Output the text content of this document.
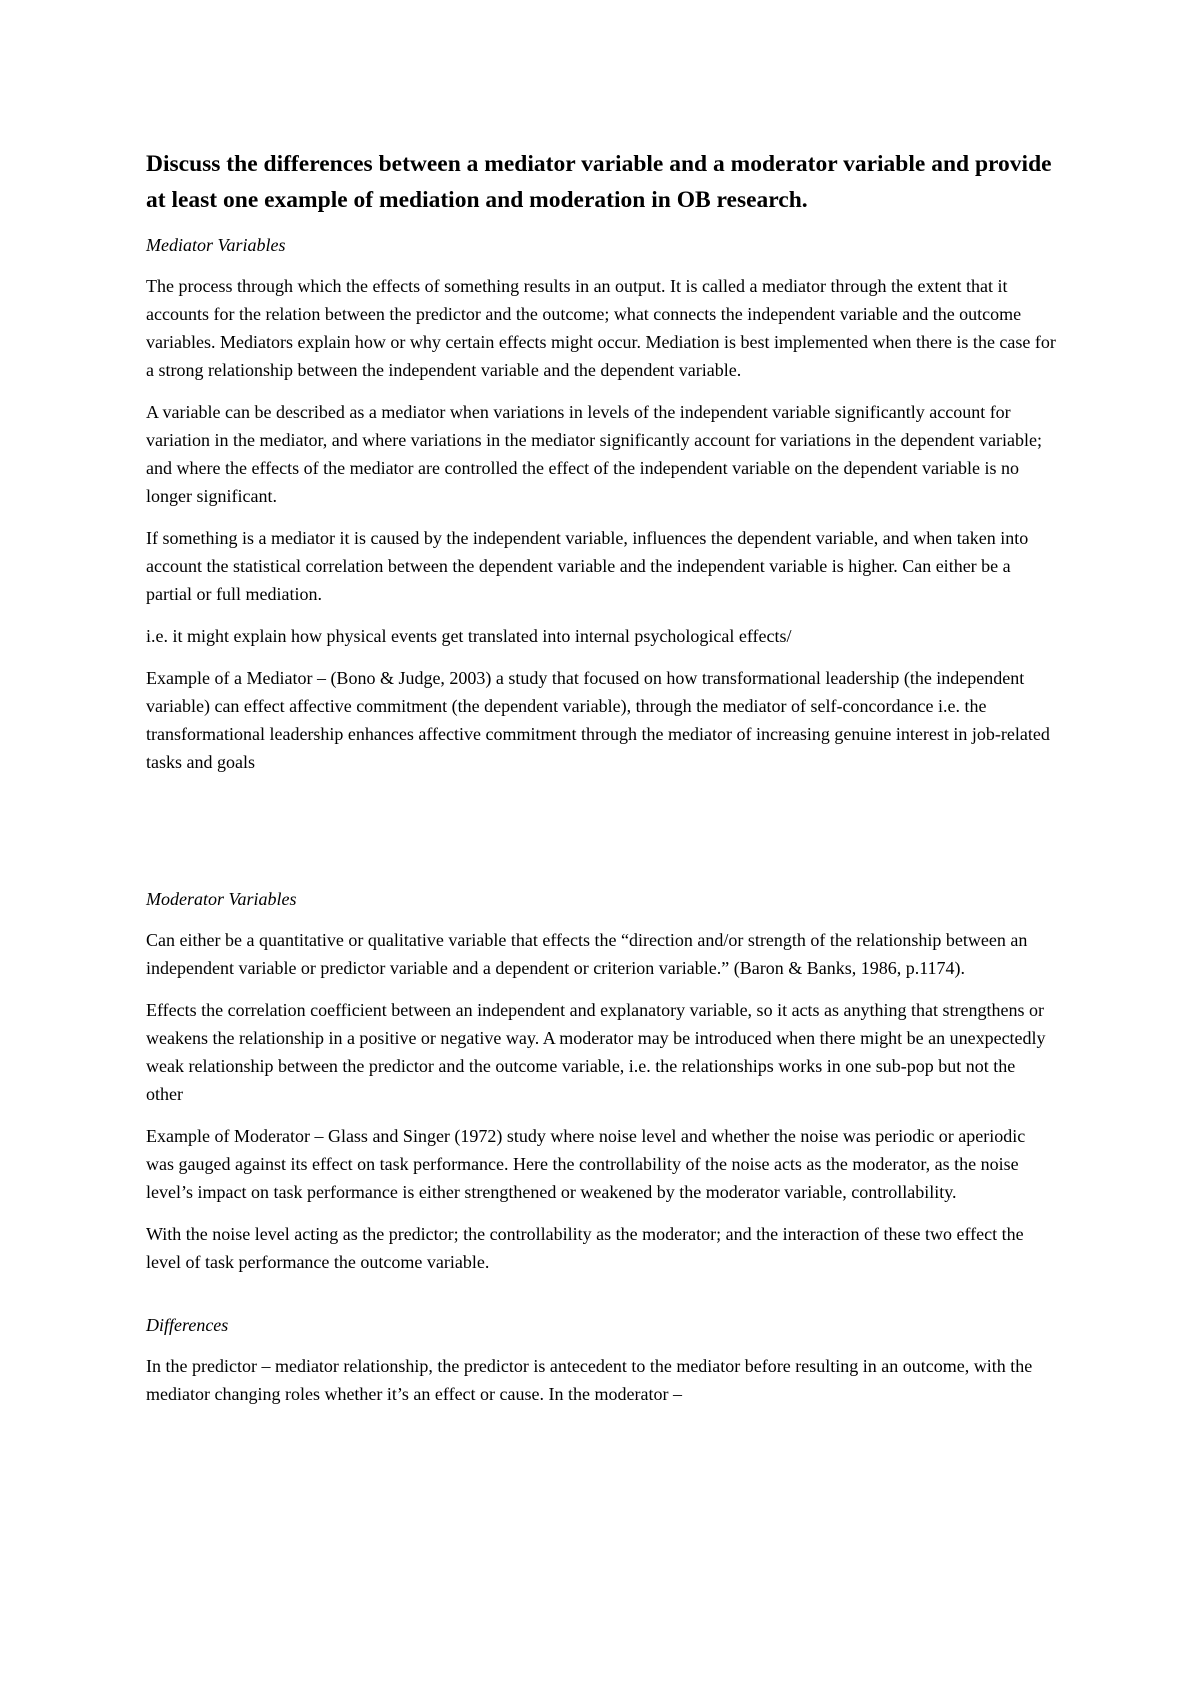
Discuss the differences between a mediator variable and a moderator variable and provide at least one example of mediation and moderation in OB research.

Mediator Variables

The process through which the effects of something results in an output. It is called a mediator through the extent that it accounts for the relation between the predictor and the outcome; what connects the independent variable and the outcome variables. Mediators explain how or why certain effects might occur. Mediation is best implemented when there is the case for a strong relationship between the independent variable and the dependent variable.

A variable can be described as a mediator when variations in levels of the independent variable significantly account for variation in the mediator, and where variations in the mediator significantly account for variations in the dependent variable; and where the effects of the mediator are controlled the effect of the independent variable on the dependent variable is no longer significant.

If something is a mediator it is caused by the independent variable, influences the dependent variable, and when taken into account the statistical correlation between the dependent variable and the independent variable is higher. Can either be a partial or full mediation.

i.e. it might explain how physical events get translated into internal psychological effects/

Example of a Mediator – (Bono & Judge, 2003) a study that focused on how transformational leadership (the independent variable) can effect affective commitment (the dependent variable), through the mediator of self-concordance i.e. the transformational leadership enhances affective commitment through the mediator of increasing genuine interest in job-related tasks and goals

Moderator Variables

Can either be a quantitative or qualitative variable that effects the “direction and/or strength of the relationship between an independent variable or predictor variable and a dependent or criterion variable.” (Baron & Banks, 1986, p.1174).

Effects the correlation coefficient between an independent and explanatory variable, so it acts as anything that strengthens or weakens the relationship in a positive or negative way. A moderator may be introduced when there might be an unexpectedly weak relationship between the predictor and the outcome variable, i.e. the relationships works in one sub-pop but not the other

Example of Moderator – Glass and Singer (1972) study where noise level and whether the noise was periodic or aperiodic was gauged against its effect on task performance. Here the controllability of the noise acts as the moderator, as the noise level’s impact on task performance is either strengthened or weakened by the moderator variable, controllability.

With the noise level acting as the predictor; the controllability as the moderator; and the interaction of these two effect the level of task performance the outcome variable.

Differences

In the predictor – mediator relationship, the predictor is antecedent to the mediator before resulting in an outcome, with the mediator changing roles whether it’s an effect or cause. In the moderator –
